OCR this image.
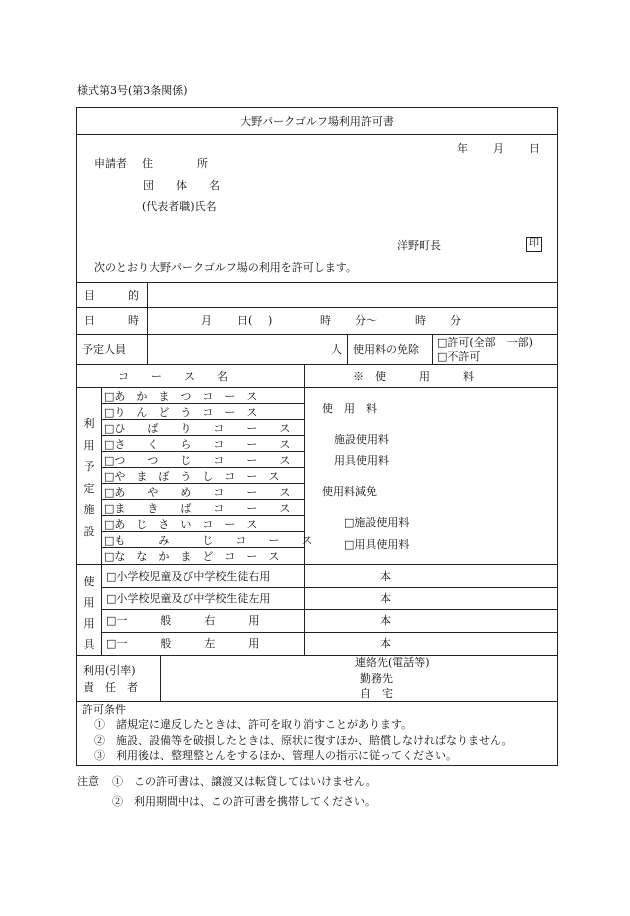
様式第3号(第3条関係)
大野パークゴルフ場利用許可書
年 月 日
申請者 住　　　　所
団　　体　　名
(代表者職)氏名
洋野町長	印
次のとおり大野パークゴルフ場の利用を許可します。
目　　　的
日　　　時	月 日( )	時 分〜	時 分
予定人員	人 使用料の免除
□許可(全部　一部)
□不許可
コ　　ー　　ス　　名	※　使　　　用　　　料
利用予定施設
□あ　か　ま　つ　コ　ー　ス
□り　ん　ど　う　コ　ー　ス
□ひ　　ば　　り　　コ　　ー　　ス
□さ　　く　　ら　　コ　　ー　　ス
□つ　　つ　　じ　　コ　　ー　　ス
□や　ま　ぼ　う　し　コ　ー　ス
□あ　　や　　め　　コ　　ー　　ス
□ま　　き　　ば　　コ　　ー　　ス
□あ　じ　さ　い　コ　ー　ス
□も　　　み　　　じ　　コ　　ー　　ス
□な　な　か　ま　ど　コ　ー　ス
使　用　料
施設使用料
用具使用料
使用料減免
□施設使用料
□用具使用料
使用用具
□小学校児童及び中学校生徒右用	本
□小学校児童及び中学校生徒左用	本
□一　　　般　　　右　　　用	本
□一　　　般　　　左　　　用	本
利用(引率)
責　任　者
連絡先(電話等)
勤務先
自　宅
許可条件
①　諸規定に違反したときは、許可を取り消すことがあります。
②　施設、設備等を破損したときは、原状に復すほか、賠償しなければなりません。
③　利用後は、整理整とんをするほか、管理人の指示に従ってください。
注意 ①　この許可書は、譲渡又は転貸してはいけません。
②　利用期間中は、この許可書を携帯してください。
